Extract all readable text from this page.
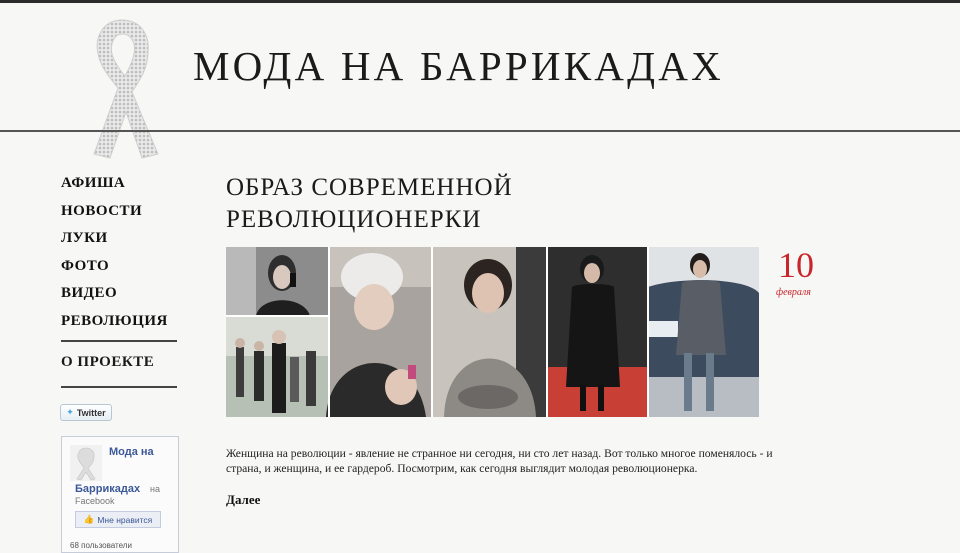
МОДА НА БАРРИКАДАХ
АФИША
НОВОСТИ
ЛУКИ
ФОТО
ВИДЕО
РЕВОЛЮЦИЯ
О ПРОЕКТЕ
✦ Twitter
Мода на
Баррикадах на
Facebook
👍 Мне нравится
68 пользователи
ОБРАЗ СОВРЕМЕННОЙ
РЕВОЛЮЦИОНЕРКИ
10
февраля

Женщина на революции - явление не странное ни сегодня, ни сто лет назад. Вот только многое поменялось - и страна, и женщина, и ее гардероб. Посмотрим, как сегодня выглядит молодая революционерка.

Далее
